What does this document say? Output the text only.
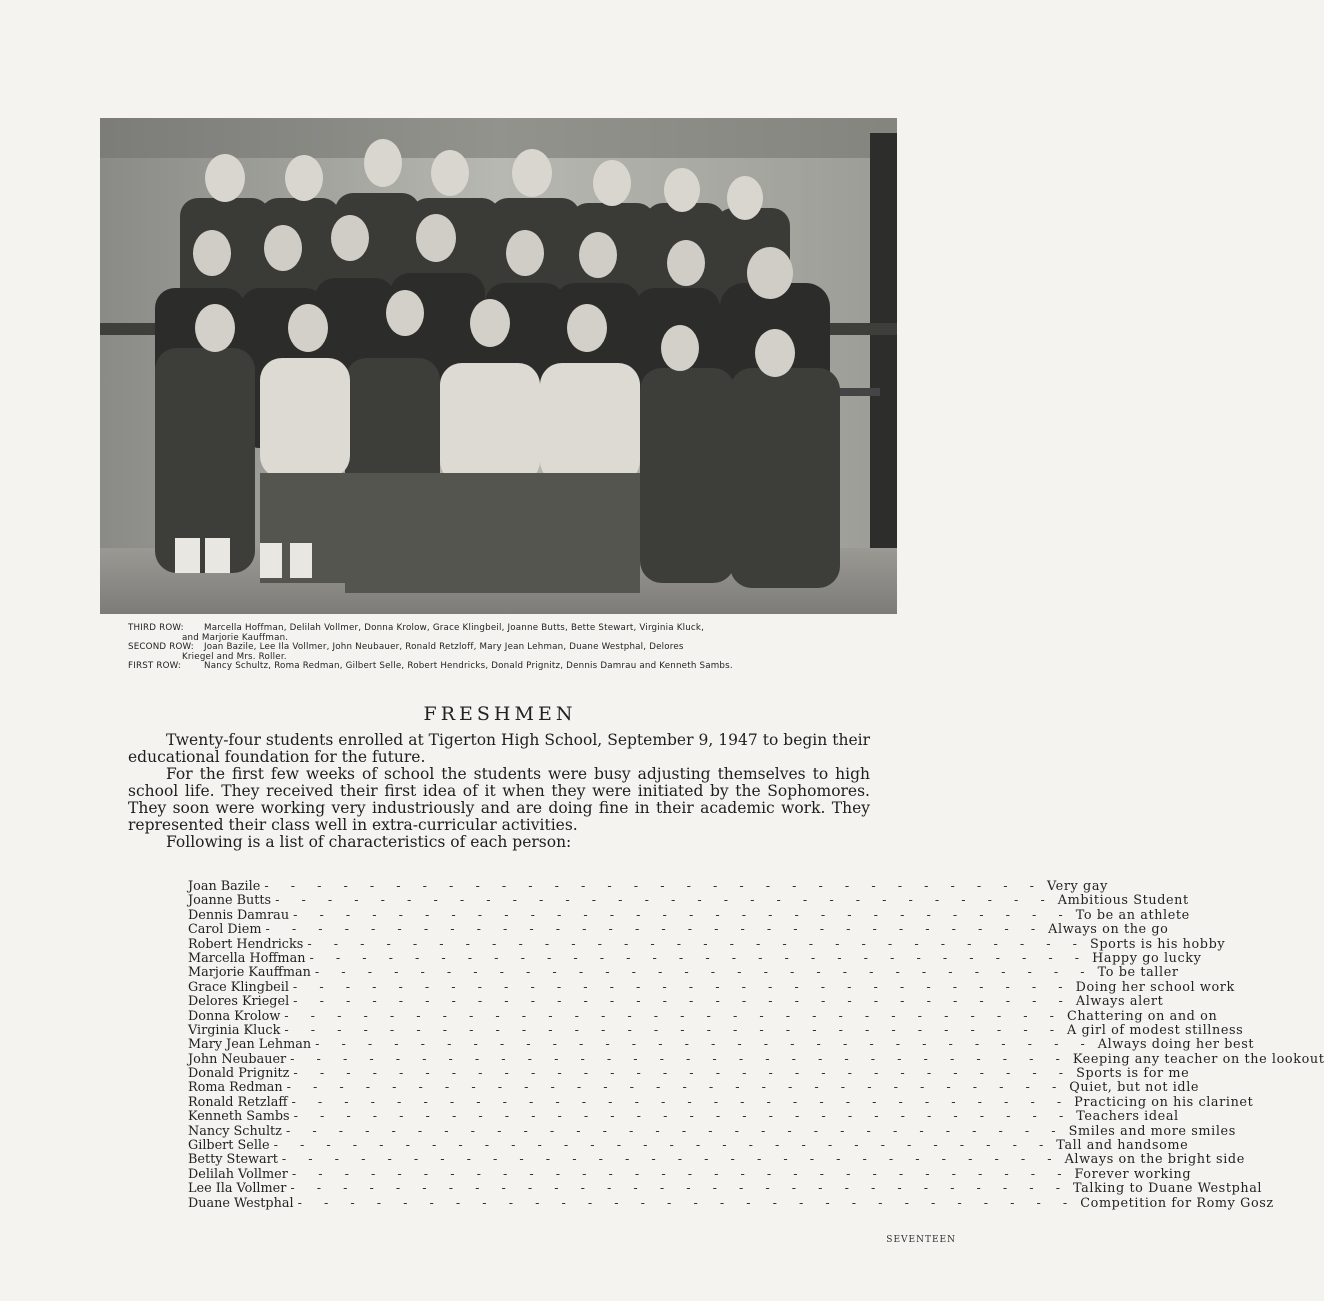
THIRD ROW:	Marcella Hoffman, Delilah Vollmer, Donna Krolow, Grace Klingbeil, Joanne Butts, Bette Stewart, Virginia Kluck,
and Marjorie Kauffman.
SECOND ROW:	Joan Bazile, Lee Ila Vollmer, John Neubauer, Ronald Retzloff, Mary Jean Lehman, Duane Westphal, Delores
Kriegel and Mrs. Roller.
FIRST ROW:	Nancy Schultz, Roma Redman, Gilbert Selle, Robert Hendricks, Donald Prignitz, Dennis Damrau and Kenneth Sambs.
FRESHMEN

Twenty-four students enrolled at Tigerton High School, September 9, 1947 to begin their educational foundation for the future.

For the first few weeks of school the students were busy adjusting themselves to high school life. They received their first idea of it when they were initiated by the Sophomores. They soon were working very industriously and are doing fine in their academic work. They represented their class well in extra-curricular activities.

Following is a list of characteristics of each person:

Joan Bazile - - - - - - - - - - - - - - - - - - - - - - - - - - - - - - Very gay
Joanne Butts - - - - - - - - - - - - - - - - - - - - - - - - - - - - - - Ambitious Student
Dennis Damrau - - - - - - - - - - - - - - - - - - - - - - - - - - - - - - To be an athlete
Carol Diem - - - - - - - - - - - - - - - - - - - - - - - - - - - - - - Always on the go
Robert Hendricks - - - - - - - - - - - - - - - - - - - - - - - - - - - - - - Sports is his hobby
Marcella Hoffman - - - - - - - - - - - - - - - - - - - - - - - - - - - - - - Happy go lucky
Marjorie Kauffman - - - - - - - - - - - - - - - - - - - - - - - - - - - - - - To be taller
Grace Klingbeil - - - - - - - - - - - - - - - - - - - - - - - - - - - - - - Doing her school work
Delores Kriegel - - - - - - - - - - - - - - - - - - - - - - - - - - - - - - Always alert
Donna Krolow - - - - - - - - - - - - - - - - - - - - - - - - - - - - - - Chattering on and on
Virginia Kluck - - - - - - - - - - - - - - - - - - - - - - - - - - - - - - A girl of modest stillness
Mary Jean Lehman - - - - - - - - - - - - - - - - - - - - - - - - - - - - - - Always doing her best
John Neubauer - - - - - - - - - - - - - - - - - - - - - - - - - - - - - - Keeping any teacher on the lookout
Donald Prignitz - - - - - - - - - - - - - - - - - - - - - - - - - - - - - - Sports is for me
Roma Redman - - - - - - - - - - - - - - - - - - - - - - - - - - - - - - Quiet, but not idle
Ronald Retzlaff - - - - - - - - - - - - - - - - - - - - - - - - - - - - - - Practicing on his clarinet
Kenneth Sambs - - - - - - - - - - - - - - - - - - - - - - - - - - - - - - Teachers ideal
Nancy Schultz - - - - - - - - - - - - - - - - - - - - - - - - - - - - - - Smiles and more smiles
Gilbert Selle - - - - - - - - - - - - - - - - - - - - - - - - - - - - - - Tall and handsome
Betty Stewart - - - - - - - - - - - - - - - - - - - - - - - - - - - - - - Always on the bright side
Delilah Vollmer - - - - - - - - - - - - - - - - - - - - - - - - - - - - - - Forever working
Lee Ila Vollmer - - - - - - - - - - - - - - - - - - - - - - - - - - - - - - Talking to Duane Westphal
Duane Westphal - - - - - - - - - - - - - - - - - - - - - - - - - - - - - - Competition for Romy Gosz
SEVENTEEN
